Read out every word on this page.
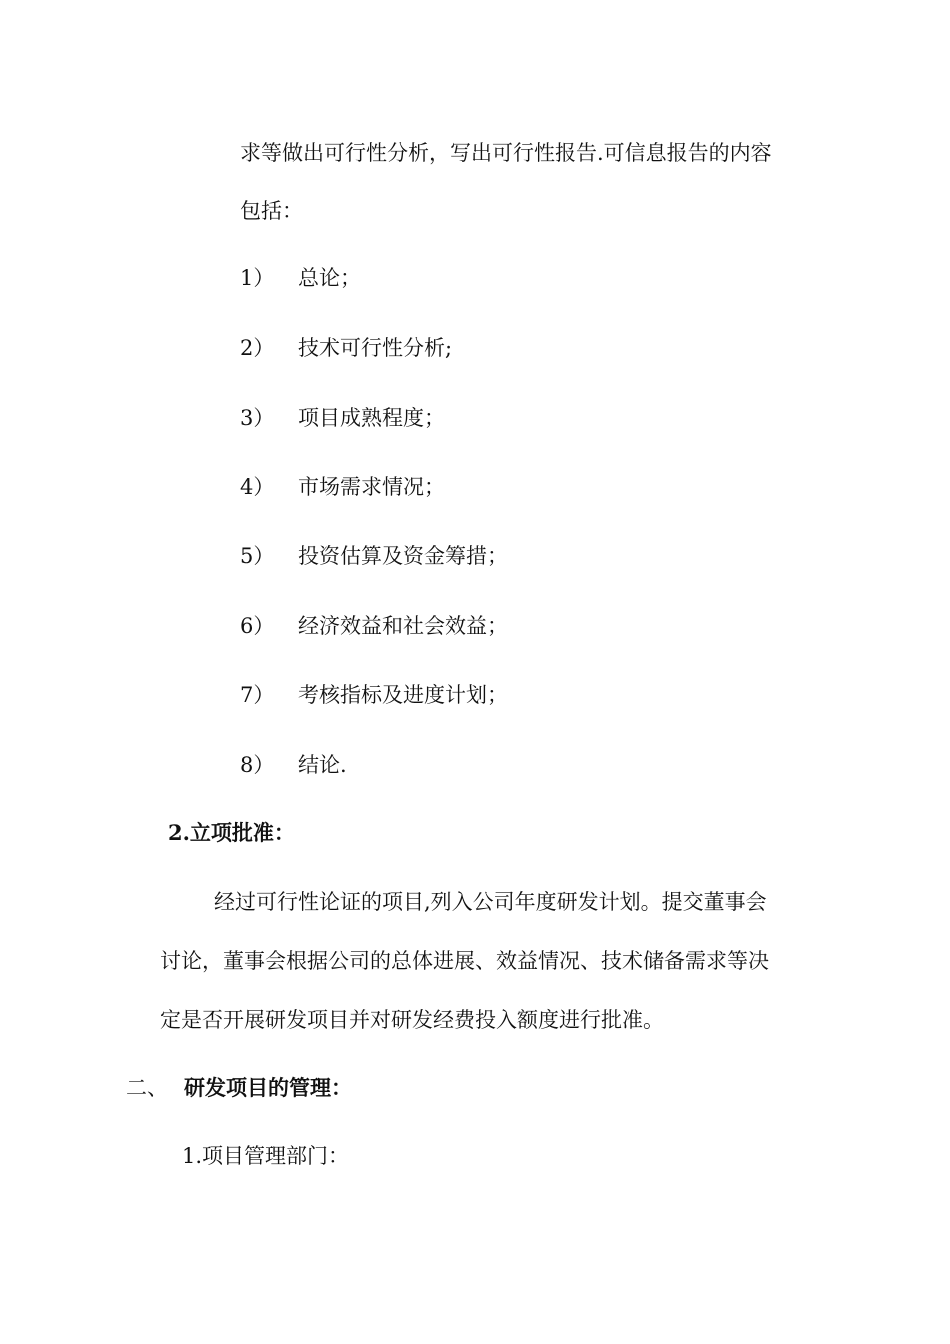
求等做出可行性分析，写出可行性报告.可信息报告的内容
包括：
1） 总论；
2） 技术可行性分析;
3） 项目成熟程度；
4） 市场需求情况；
5） 投资估算及资金筹措；
6） 经济效益和社会效益；
7） 考核指标及进度计划；
8） 结论.
2.立项批准：
经过可行性论证的项目,列入公司年度研发计划。提交董事会
讨论，董事会根据公司的总体进展、效益情况、技术储备需求等决
定是否开展研发项目并对研发经费投入额度进行批准。
二、 研发项目的管理：
1.项目管理部门：
